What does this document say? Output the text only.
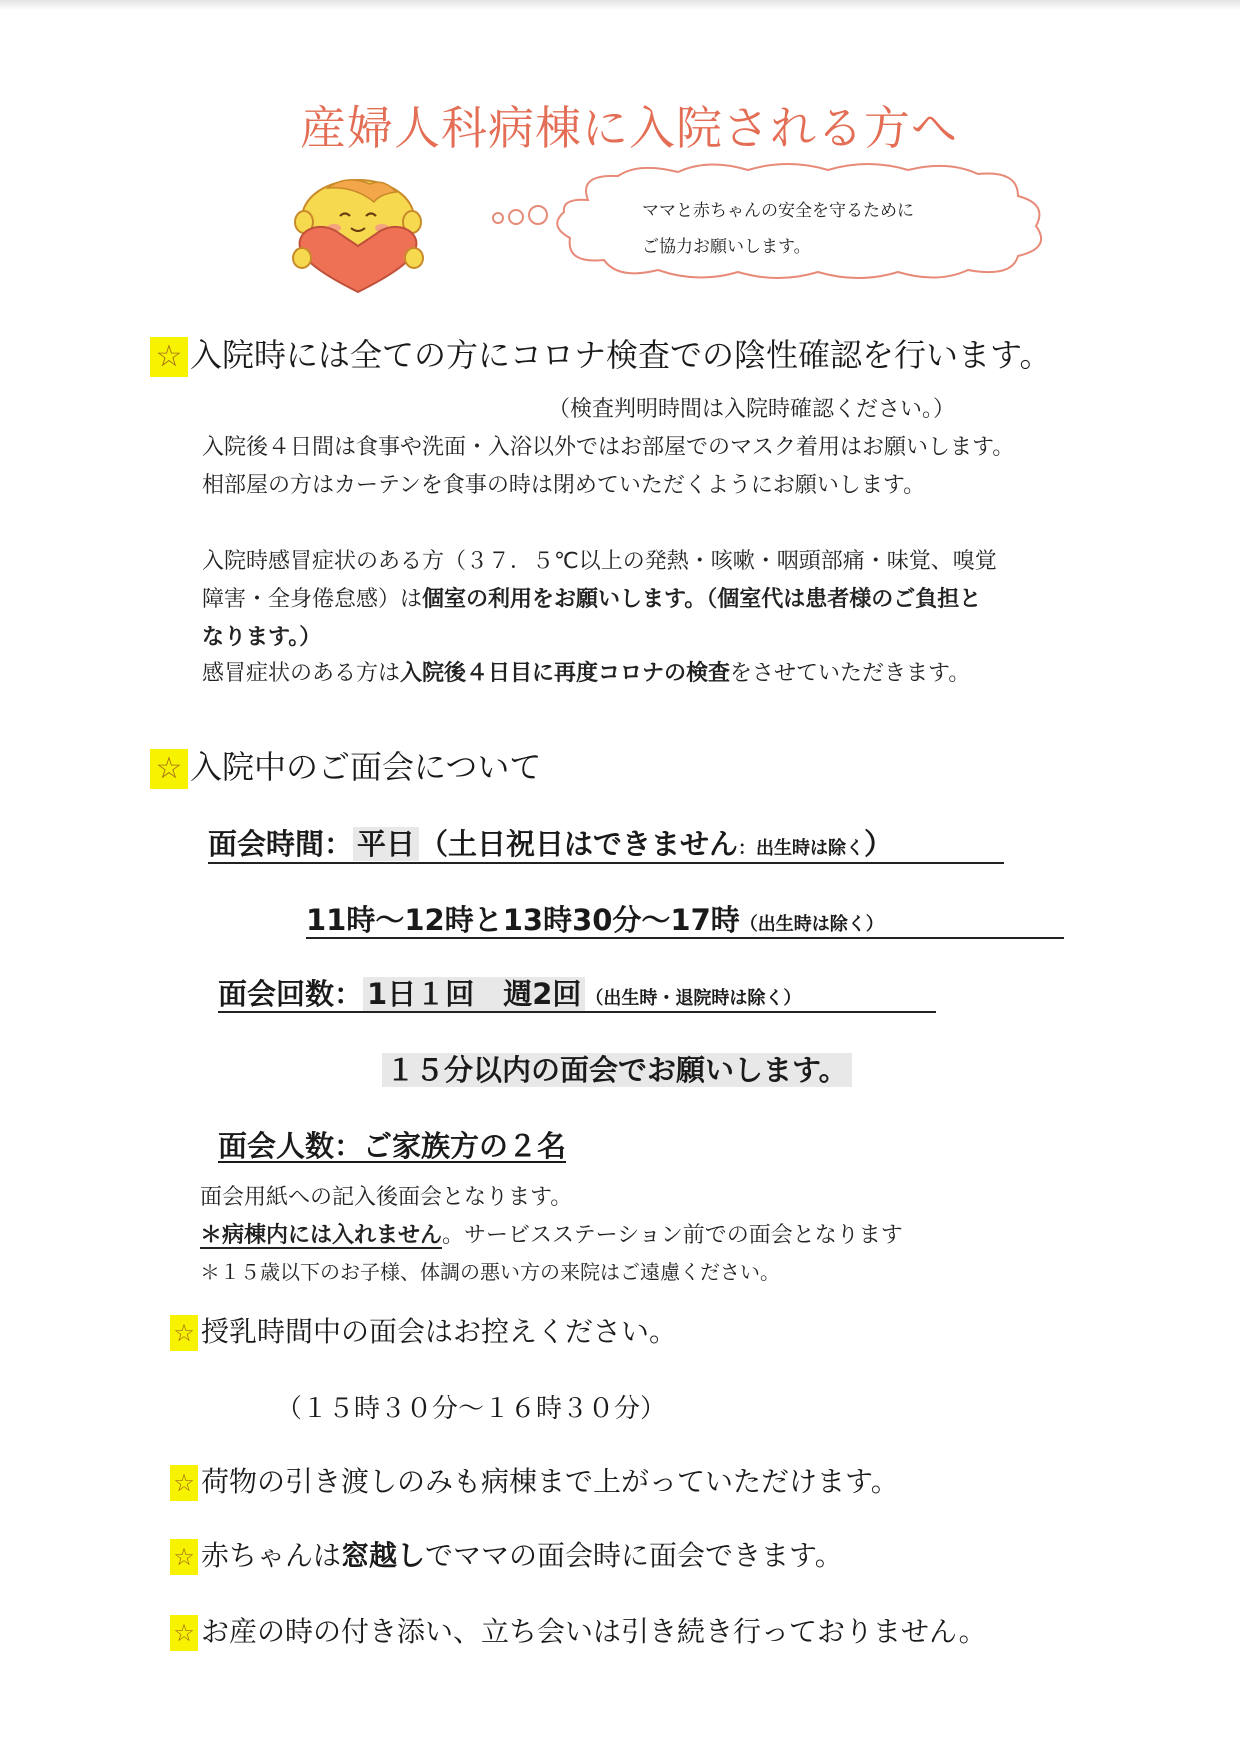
産婦人科病棟に入院される方へ
ママと赤ちゃんの安全を守るために
ご協力お願いします。
☆ 入院時には全ての方にコロナ検査での陰性確認を行います。
（検査判明時間は入院時確認ください。）
入院後４日間は食事や洗面・入浴以外ではお部屋でのマスク着用はお願いします。
相部屋の方はカーテンを食事の時は閉めていただくようにお願いします。
入院時感冒症状のある方（３７．５℃以上の発熱・咳嗽・咽頭部痛・味覚、嗅覚
障害・全身倦怠感）は個室の利用をお願いします。（個室代は患者様のご負担と
なります。）
感冒症状のある方は入院後４日目に再度コロナの検査をさせていただきます。
☆ 入院中のご面会について
面会時間： 平日 （土日祝日はできません：出生時は除く）
11時～12時と13時30分～17時（出生時は除く）
面会回数： 1日１回　週2回 （出生時・退院時は除く）
１５分以内の面会でお願いします。
面会人数：ご家族方の２名
面会用紙への記入後面会となります。
＊病棟内には入れません。サービスステーション前での面会となります
＊１５歳以下のお子様、体調の悪い方の来院はご遠慮ください。
☆ 授乳時間中の面会はお控えください。
（１５時３０分～１６時３０分）
☆ 荷物の引き渡しのみも病棟まで上がっていただけます。
☆ 赤ちゃんは窓越しでママの面会時に面会できます。
☆ お産の時の付き添い、立ち会いは引き続き行っておりません。
